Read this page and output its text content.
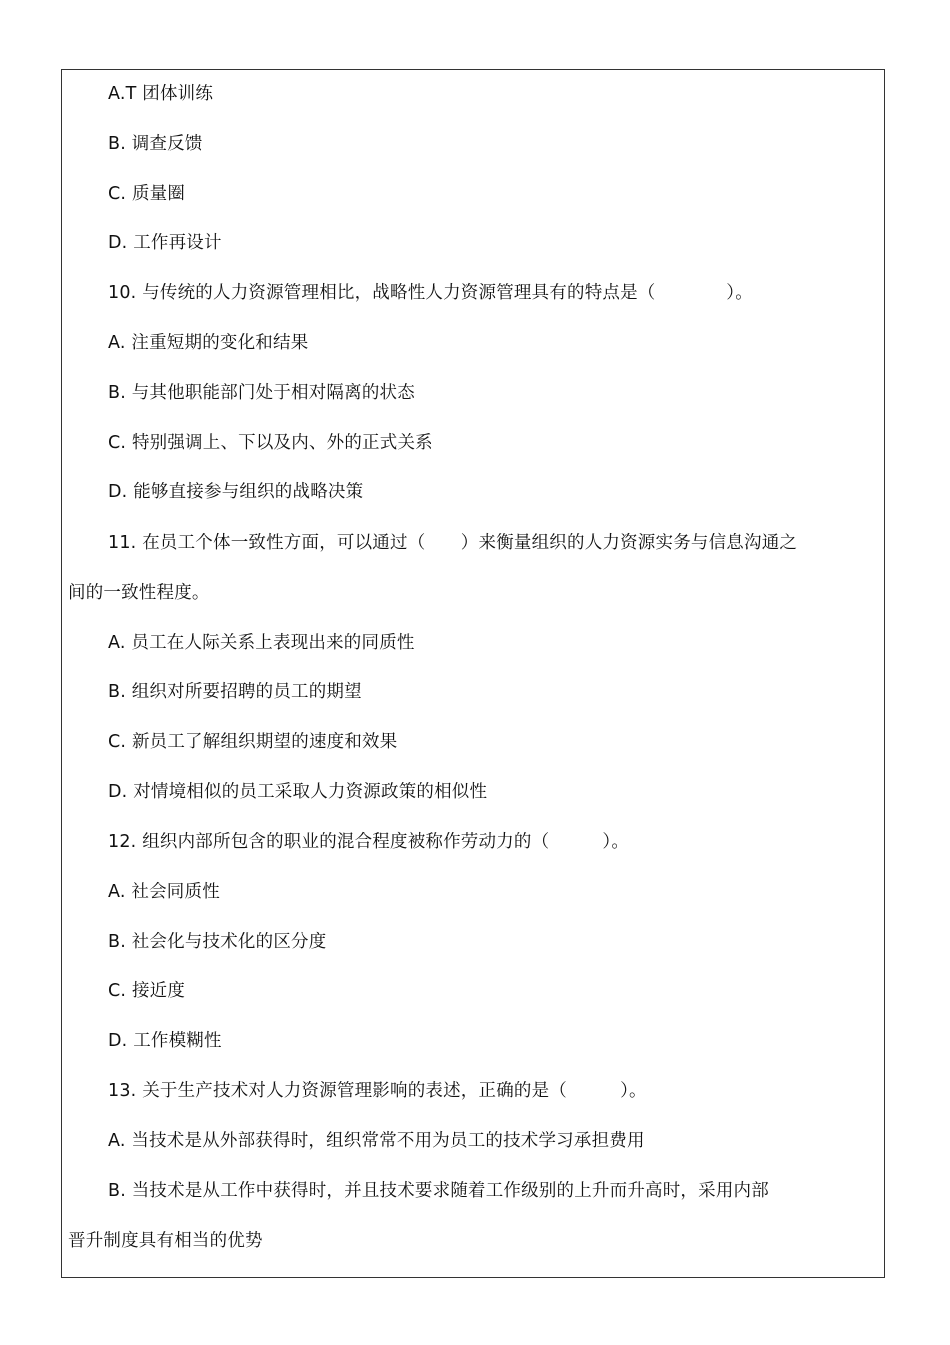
A.T 团体训练
B. 调查反馈
C. 质量圈
D. 工作再设计
10. 与传统的人力资源管理相比，战略性人力资源管理具有的特点是（　　　　）。
A. 注重短期的变化和结果
B. 与其他职能部门处于相对隔离的状态
C. 特别强调上、下以及内、外的正式关系
D. 能够直接参与组织的战略决策
11. 在员工个体一致性方面，可以通过（　　）来衡量组织的人力资源实务与信息沟通之
间的一致性程度。
A. 员工在人际关系上表现出来的同质性
B. 组织对所要招聘的员工的期望
C. 新员工了解组织期望的速度和效果
D. 对情境相似的员工采取人力资源政策的相似性
12. 组织内部所包含的职业的混合程度被称作劳动力的（　　　）。
A. 社会同质性
B. 社会化与技术化的区分度
C. 接近度
D. 工作模糊性
13. 关于生产技术对人力资源管理影响的表述，正确的是（　　　）。
A. 当技术是从外部获得时，组织常常不用为员工的技术学习承担费用
B. 当技术是从工作中获得时，并且技术要求随着工作级别的上升而升高时，采用内部
晋升制度具有相当的优势
